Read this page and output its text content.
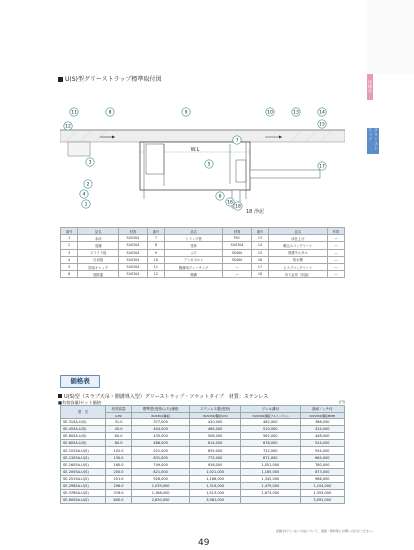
U(S)型グリーストラップ標準取付図
W.L
18 浄泥
1
2
3
4
5
6
7
8	9	10
11
12
13	14
15
16
17
18
番号	品名	材質	番号	品名	材質	番号	品名	材質
1	本体	SUS304	7	トラップ管	PVC	13	床仕上げ	—
2	受籠	SUS304	8	受枠	SUS304	14	敷込みコンクリート	—
3	スライド板	SUS304	9	ふた	SS400	15	保護モルタル	—
4	仕切板	SUS304	10	アンカボルト	SS400	16	防水層	—
5	防臭キャップ	SUS304	11	側溝用グレーチング	—	17	スラブコンクリート	—
6	掃除蓋	SUS304	12	側溝	—	18	吊り金具（別途）	—
価格表
U(S)型（スラブ天吊・側溝導入型）グリーストラップ・ソケットタイプ　材質：ステンレス
■有効容量/セット価格	(円)
型　式	有効容量	標準型(受枠/ふた)価格	ステンレス製(受枠)	グレル溝付	高耐ノッチ付
	(L/W)	(SUS304/鋼板)	(SUS304/鋼板SUS)	(SUS304/鋼板アルミニウム)	(SUS304/鋼板MMP)
SE-315A-U(S)	31.0	377,000	420,000	482,000	388,000
SE-455A-U(S)	45.0	404,000	464,000	510,000	414,000
SE-605A-U(S)	60.0	435,000	506,000	562,000	448,000
SE-805A-U(S)	80.0	486,000	614,000	678,000	524,000
SE-1025A-U(S)	102.0	521,000	635,000	722,000	554,000
SE-1305A-U(S)	130.0	631,000	772,000	871,000	664,000
SE-1605A-U(S)	160.0	749,000	926,000	1,051,000	780,000
SE-2005A-U(S)	200.0	821,000	1,021,000	1,165,000	873,000
SE-2515A-U(S)	251.0	926,000	1,166,000	1,342,000	986,000
SE-2965A-U(S)	296.0	1,039,000	1,319,000	1,479,000	1,104,000
SE-3765A-U(S)	376.0	1,188,000	1,513,000	1,673,000	1,353,000
SE-6005A-U(S)	600.0	2,830,000	3,581,000		3,091,000
記載されていない寸法について、図面・資料等にお問い合わせください。
49
床排水
グリーストラップ
